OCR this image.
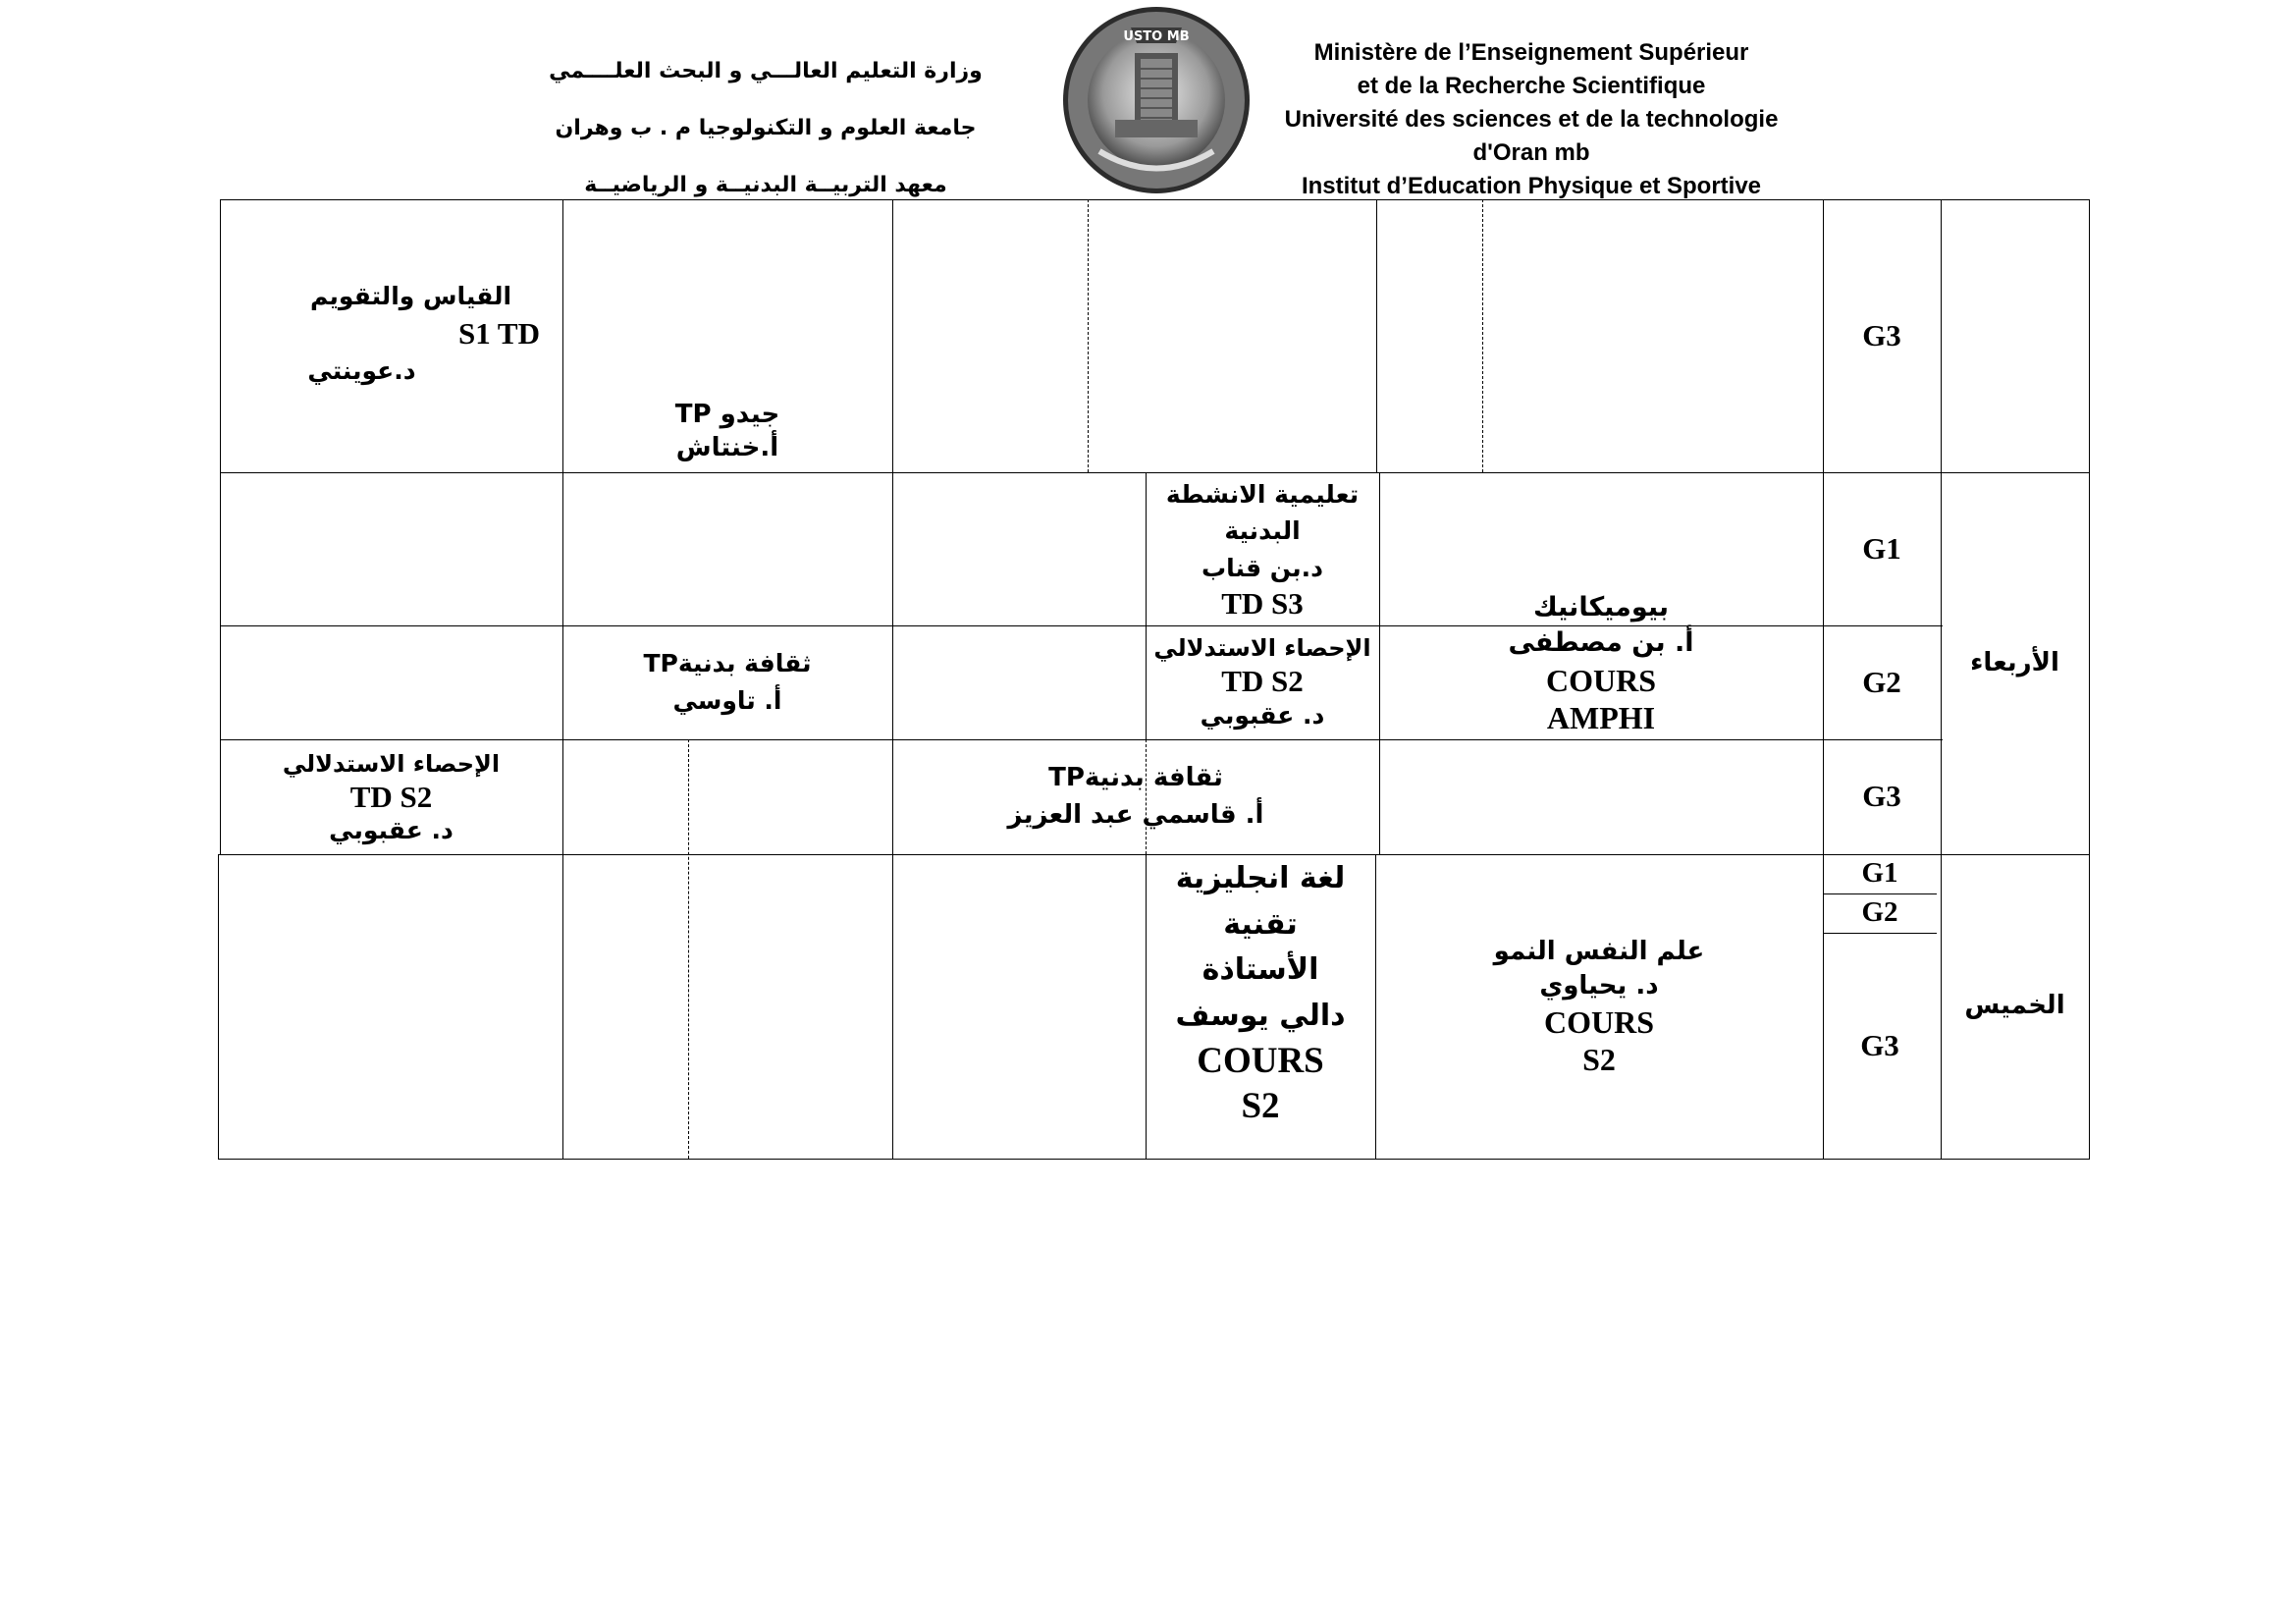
وزارة التعليم العالـــي و البحث العلــــمي
جامعة العلوم و التكنولوجيا م . ب وهران
معهد التربيــة البدنيــة و الرياضيــة
USTO MB
Ministère de l’Enseignement Supérieur
et de la Recherche Scientifique
Université des sciences et de la technologie
d'Oran mb
Institut d’Education Physique et Sportive
الأربعاء
الخميس
G3
G1
G2
G3
G1
G2
G3
القياس والتقويم
S1 TD
د.عوينتي
جيدو TP
أ.خنتاش
تعليمية الانشطة
البدنية
د.بن قناب
TD S3
الإحصاء الاستدلالي
TD S2
د. عقبوبي
ثقافة بدنيةTP
أ. تاوسي
بيوميكانيك
أ. بن مصطفى
COURS
AMPHI
الإحصاء الاستدلالي
TD S2
د. عقبوبي
ثقافة بدنيةTP
أ. قاسمي عبد العزيز
لغة انجليزية
تقنية
الأستاذة
دالي يوسف
COURS
S2
علم النفس النمو
د. يحياوي
COURS
S2
